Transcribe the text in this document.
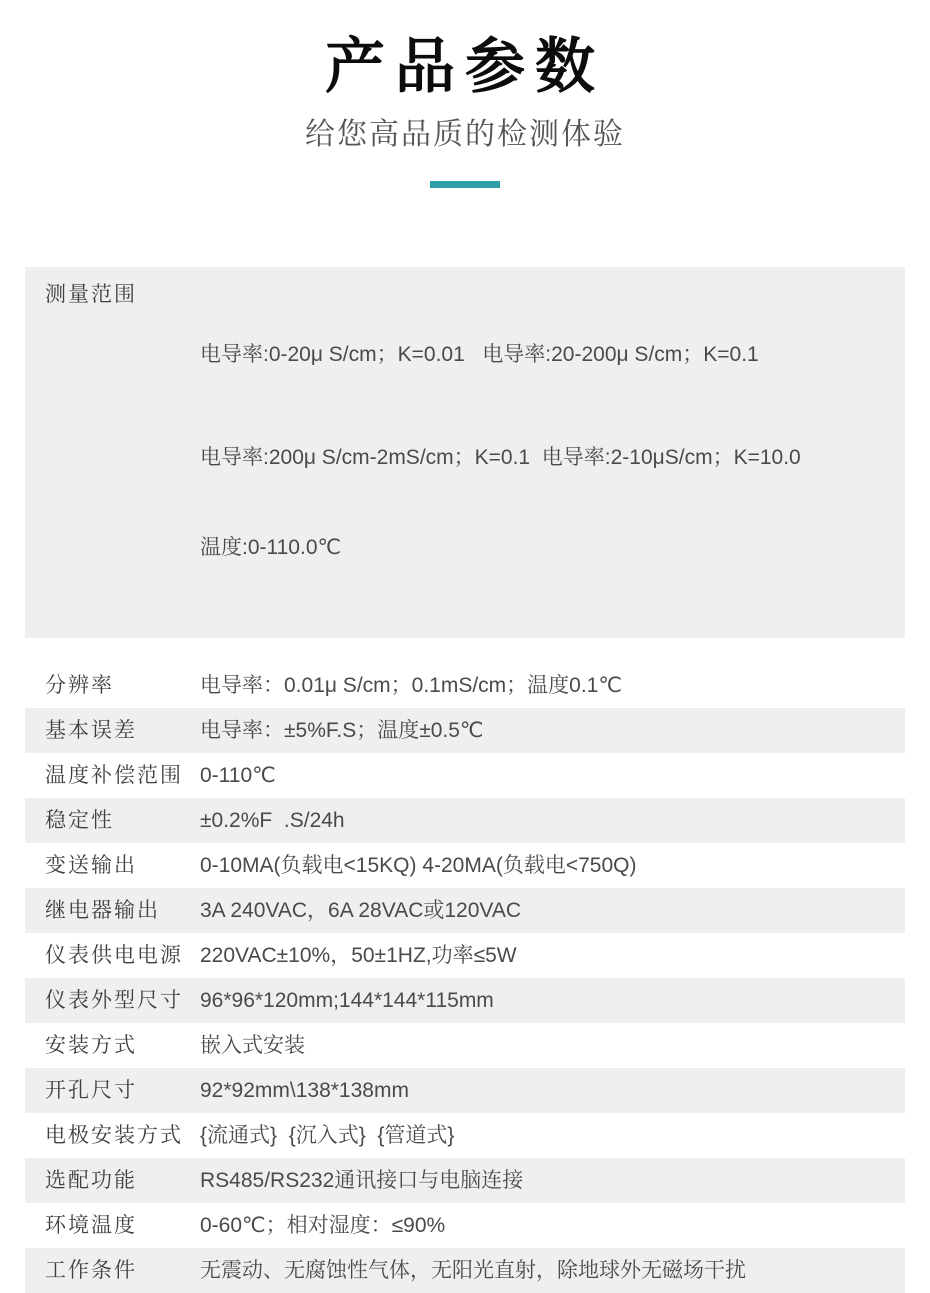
产品参数

给您高品质的检测体验

测量范围

电导率:0-20μ S/cm；K=0.01   电导率:20-200μ S/cm；K=0.1

电导率:200μ S/cm-2mS/cm；K=0.1  电导率:2-10μS/cm；K=10.0

温度:0-110.0℃

分辨率	电导率：0.01μ S/cm；0.1mS/cm；温度0.1℃
基本误差	电导率：±5%F.S；温度±0.5℃
温度补偿范围 0-110℃
稳定性	±0.2%F  .S/24h
变送输出	0-10MA(负载电<15KQ) 4-20MA(负载电<750Q)
继电器输出	3A 240VAC，6A 28VAC或120VAC
仪表供电电源 220VAC±10%，50±1HZ,功率≤5W
仪表外型尺寸 96*96*120mm;144*144*115mm
安装方式	嵌入式安装
开孔尺寸	92*92mm\138*138mm
电极安装方式 {流通式}  {沉入式}  {管道式}
选配功能	RS485/RS232通讯接口与电脑连接
环境温度	0-60℃；相对湿度：≤90%
工作条件	无震动、无腐蚀性气体，无阳光直射，除地球外无磁场干扰
